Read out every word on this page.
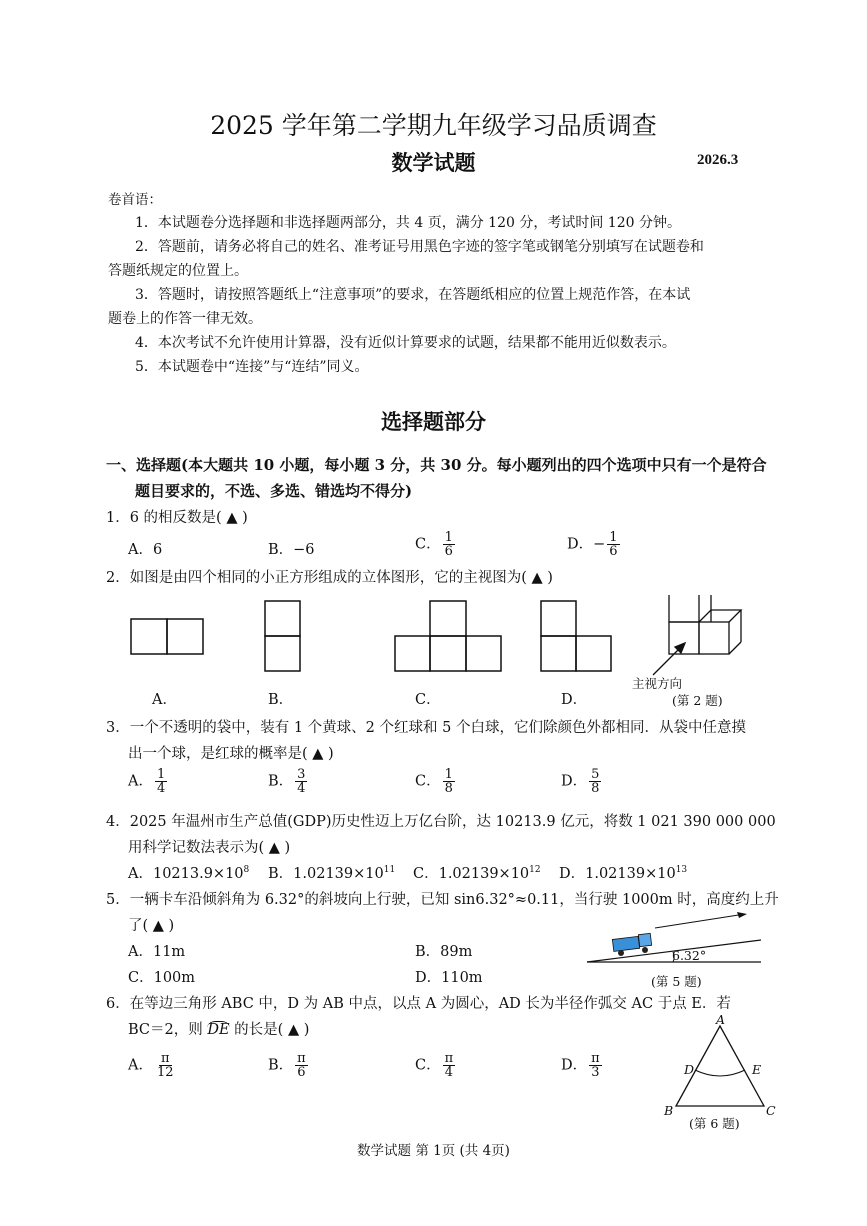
2025 学年第二学期九年级学习品质调查
数学试题	2026.3
卷首语：
1．本试题卷分选择题和非选择题两部分，共 4 页，满分 120 分，考试时间 120 分钟。
2．答题前，请务必将自己的姓名、准考证号用黑色字迹的签字笔或钢笔分别填写在试题卷和
答题纸规定的位置上。
3．答题时，请按照答题纸上“注意事项”的要求，在答题纸相应的位置上规范作答，在本试
题卷上的作答一律无效。
4．本次考试不允许使用计算器，没有近似计算要求的试题，结果都不能用近似数表示。
5．本试题卷中“连接”与“连结”同义。
选择题部分
一、选择题(本大题共 10 小题，每小题 3 分，共 30 分。每小题列出的四个选项中只有一个是符合
题目要求的，不选、多选、错选均不得分)
1．6 的相反数是( ▲ )
A．6	B．−6	C． $\frac{1}{6}$	D．− $\frac{1}{6}$
2．如图是由四个相同的小正方形组成的立体图形，它的主视图为( ▲ )
A．	B．	C．	D．
主视方向
(第 2 题)
3．一个不透明的袋中，装有 1 个黄球、2 个红球和 5 个白球，它们除颜色外都相同．从袋中任意摸
出一个球，是红球的概率是( ▲ )
A． $\frac{1}{4}$	B． $\frac{3}{4}$	C． $\frac{1}{8}$	D． $\frac{5}{8}$
4．2025 年温州市生产总值(GDP)历史性迈上万亿台阶，达 10213.9 亿元，将数 1 021 390 000 000
用科学记数法表示为( ▲ )
A．$10213.9\times 10^8$ B．$1.02139\times 10^{11}$ C．$1.02139\times 10^{12}$ D．$1.02139\times 10^{13}$
5．一辆卡车沿倾斜角为 6.32°的斜坡向上行驶，已知 sin6.32°≈0.11，当行驶 1000m 时，高度约上升
了( ▲ )
A．11m	B．89m
C．100m	D．110m
6.32°
(第 5 题)
6．在等边三角形 ABC 中，D 为 AB 中点，以点 A 为圆心，AD 长为半径作弧交 AC 于点 E．若
BC＝2，则 DE 的长是( ▲ )
A． $\frac{\pi}{12}$	B． $\frac{\pi}{6}$	C． $\frac{\pi}{4}$	D． $\frac{\pi}{3}$
A
B	C
D	E
(第 6 题)
数学试题 第 1页 (共 4页)
